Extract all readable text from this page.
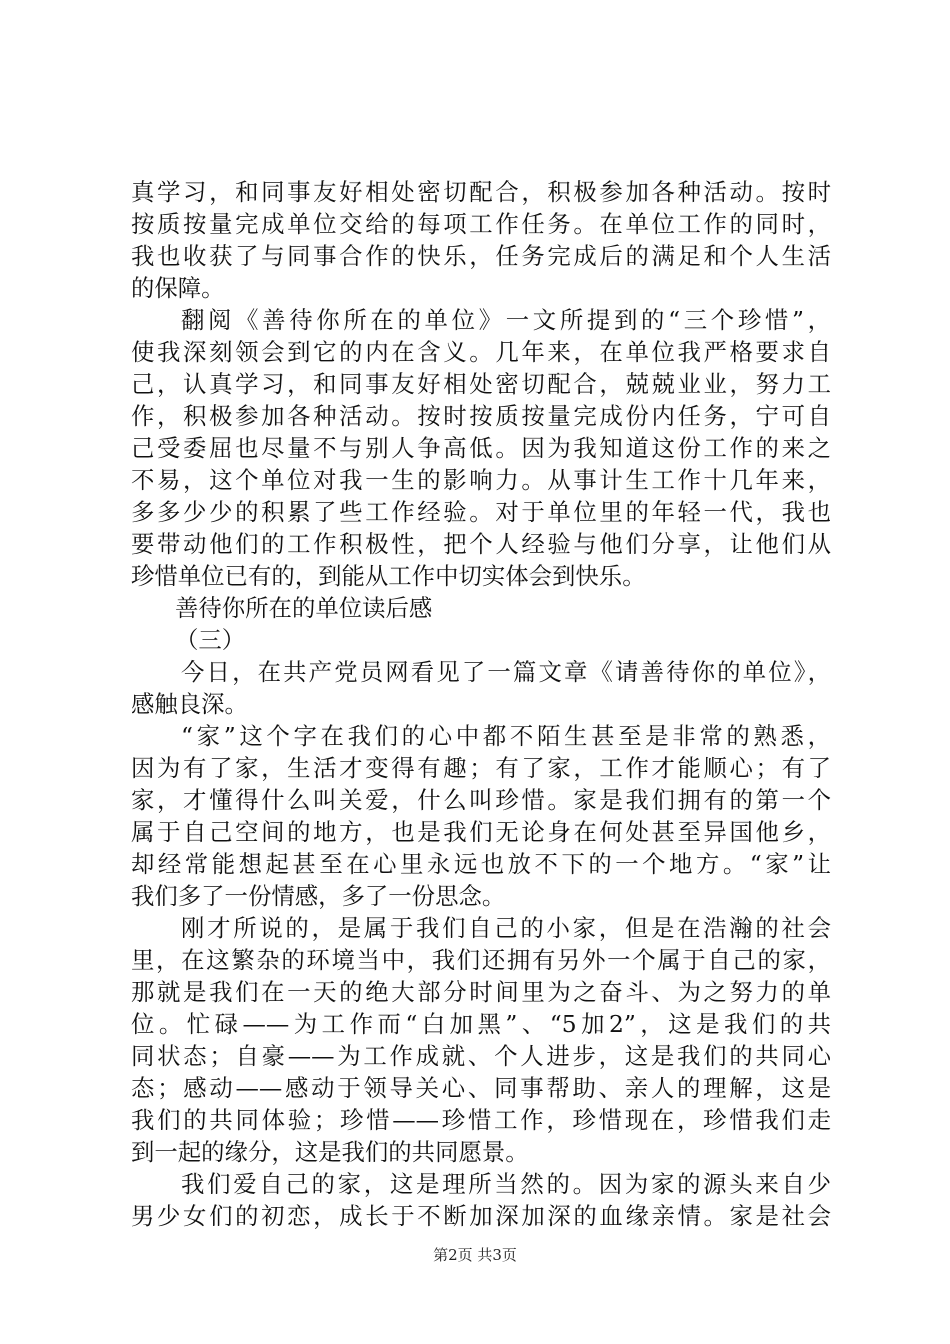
真学习，和同事友好相处密切配合，积极参加各种活动。按时
按质按量完成单位交给的每项工作任务。在单位工作的同时，
我也收获了与同事合作的快乐，任务完成后的满足和个人生活
的保障。
翻阅《善待你所在的单位》一文所提到的“三个珍惜”，
使我深刻领会到它的内在含义。几年来，在单位我严格要求自
己，认真学习，和同事友好相处密切配合，兢兢业业，努力工
作，积极参加各种活动。按时按质按量完成份内任务，宁可自
己受委屈也尽量不与别人争高低。因为我知道这份工作的来之
不易，这个单位对我一生的影响力。从事计生工作十几年来，
多多少少的积累了些工作经验。对于单位里的年轻一代，我也
要带动他们的工作积极性，把个人经验与他们分享，让他们从
珍惜单位已有的，到能从工作中切实体会到快乐。
善待你所在的单位读后感
（三）
今日，在共产党员网看见了一篇文章《请善待你的单位》，
感触良深。
“家”这个字在我们的心中都不陌生甚至是非常的熟悉，
因为有了家，生活才变得有趣；有了家，工作才能顺心；有了
家，才懂得什么叫关爱，什么叫珍惜。家是我们拥有的第一个
属于自己空间的地方，也是我们无论身在何处甚至异国他乡，
却经常能想起甚至在心里永远也放不下的一个地方。“家”让
我们多了一份情感，多了一份思念。
刚才所说的，是属于我们自己的小家，但是在浩瀚的社会
里，在这繁杂的环境当中，我们还拥有另外一个属于自己的家，
那就是我们在一天的绝大部分时间里为之奋斗、为之努力的单
位。忙碌——为工作而“白加黑”、“5加2”，这是我们的共
同状态；自豪——为工作成就、个人进步，这是我们的共同心
态；感动——感动于领导关心、同事帮助、亲人的理解，这是
我们的共同体验；珍惜——珍惜工作，珍惜现在，珍惜我们走
到一起的缘分，这是我们的共同愿景。
我们爱自己的家，这是理所当然的。因为家的源头来自少
男少女们的初恋，成长于不断加深加深的血缘亲情。家是社会
第2页 共3页
